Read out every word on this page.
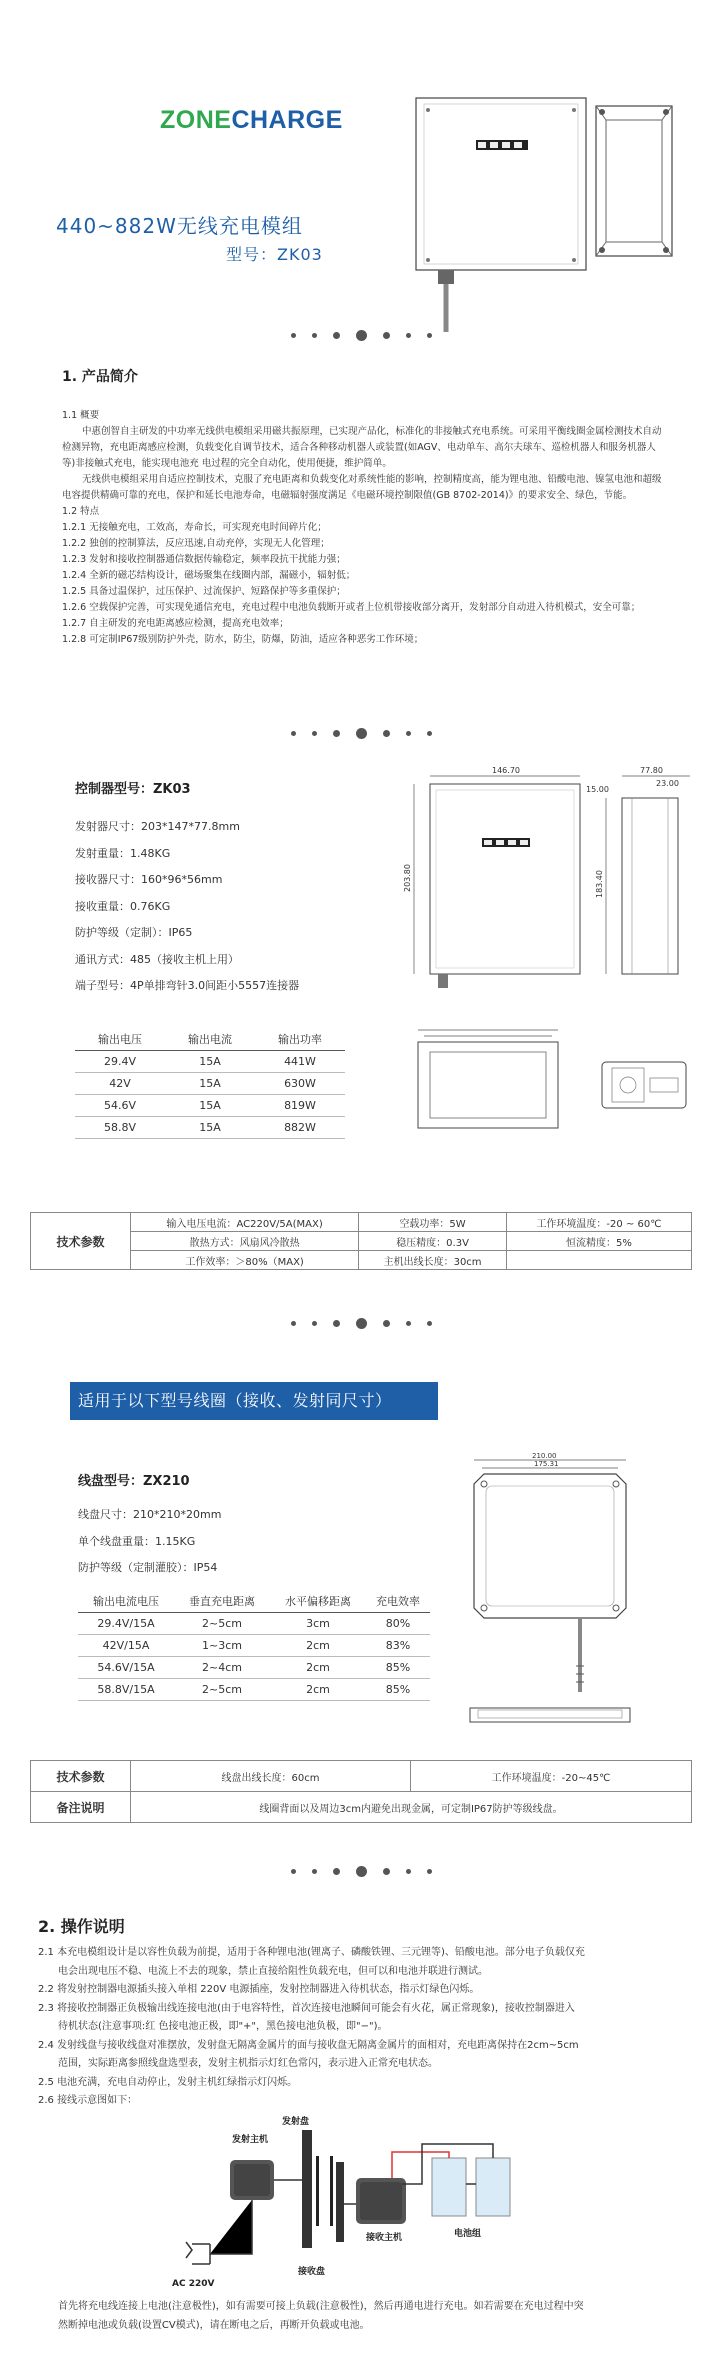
ZONECHARGE
440~882W无线充电模组
型号：ZK03
1. 产品简介

1.1 概要

中惠创智自主研发的中功率无线供电模组采用磁共振原理，已实现产品化，标准化的非接触式充电系统。可采用平衡线圈金属检测技术自动检测异物，充电距离感应检测，负载变化自调节技术，适合各种移动机器人或装置(如AGV、电动单车、高尔夫球车、巡检机器人和服务机器人等)非接触式充电，能实现电池充 电过程的完全自动化，使用便捷，维护简单。

无线供电模组采用自适应控制技术，克服了充电距离和负载变化对系统性能的影响，控制精度高，能为锂电池、铅酸电池、镍氢电池和超级电容提供精确可靠的充电，保护和延长电池寿命，电磁辐射强度满足《电磁环境控制限值(GB 8702-2014)》的要求安全、绿色，节能。

1.2 特点

1.2.1 无接触充电，工效高，寿命长，可实现充电时间碎片化；

1.2.2 独创的控制算法，反应迅速,自动充停，实现无人化管理；

1.2.3 发射和接收控制器通信数据传输稳定，频率段抗干扰能力强；

1.2.4 全新的磁芯结构设计，磁场聚集在线圈内部，漏磁小，辐射低；

1.2.5 具备过温保护，过压保护、过流保护、短路保护等多重保护；

1.2.6 空载保护完善，可实现免通信充电，充电过程中电池负载断开或者上位机带接收部分离开，发射部分自动进入待机模式，安全可靠；

1.2.7 自主研发的充电距离感应检测，提高充电效率；

1.2.8 可定制IP67级别防护外壳，防水，防尘，防爆，防油，适应各种恶劣工作环境；

控制器型号：ZK03
发射器尺寸：203*147*77.8mm
发射重量：1.48KG
接收器尺寸：160*96*56mm
接收重量：0.76KG
防护等级（定制）：IP65
通讯方式：485（接收主机上用）
端子型号：4P单排弯针3.0间距小5557连接器
输出电压	输出电流	输出功率
29.4V	15A	441W
42V	15A	630W
54.6V	15A	819W
58.8V	15A	882W
146.70
203.80
77.80
23.00
15.00
183.40
技术参数	输入电压电流：AC220V/5A(MAX)	空载功率：5W	工作环境温度：-20 ~ 60℃
	散热方式：风扇风冷散热	稳压精度：0.3V	恒流精度：5%
	工作效率：＞80%（MAX)	主机出线长度：30cm	
适用于以下型号线圈（接收、发射同尺寸）
线盘型号：ZX210
线盘尺寸：210*210*20mm
单个线盘重量：1.15KG
防护等级（定制灌胶）：IP54
输出电流电压	垂直充电距离	水平偏移距离	充电效率
29.4V/15A	2~5cm	3cm	80%
42V/15A	1~3cm	2cm	83%
54.6V/15A	2~4cm	2cm	85%
58.8V/15A	2~5cm	2cm	85%
210.00
175.31
技术参数	线盘出线长度：60cm	工作环境温度：-20~45℃
备注说明	线圈背面以及周边3cm内避免出现金属，可定制IP67防护等级线盘。	
2. 操作说明

2.1 本充电模组设计是以容性负载为前提，适用于各种锂电池(锂离子、磷酸铁锂、三元锂等)、铅酸电池。部分电子负载仅充

电会出现电压不稳、电流上不去的现象，禁止直接给阻性负载充电，但可以和电池并联进行测试。

2.2 将发射控制器电源插头接入单相 220V 电源插座，发射控制器进入待机状态，指示灯绿色闪烁。

2.3 将接收控制器正负极输出线连接电池(由于电容特性，首次连接电池瞬间可能会有火花，属正常现象)，接收控制器进入

待机状态(注意事项:红 色接电池正极，即"+"，黑色接电池负极，即"−")。

2.4 发射线盘与接收线盘对准摆放，发射盘无隔离金属片的面与接收盘无隔离金属片的面相对，充电距离保持在2cm~5cm

范围，实际距离参照线盘选型表，发射主机指示灯红色常闪，表示进入正常充电状态。

2.5 电池充满，充电自动停止，发射主机红绿指示灯闪烁。

2.6 接线示意图如下：

发射主机
发射盘
AC 220V
接收主机
接收盘
电池组

首先将充电线连接上电池(注意极性)，如有需要可接上负载(注意极性)，然后再通电进行充电。如若需要在充电过程中突

然断掉电池或负载(设置CV模式)，请在断电之后，再断开负载或电池。
